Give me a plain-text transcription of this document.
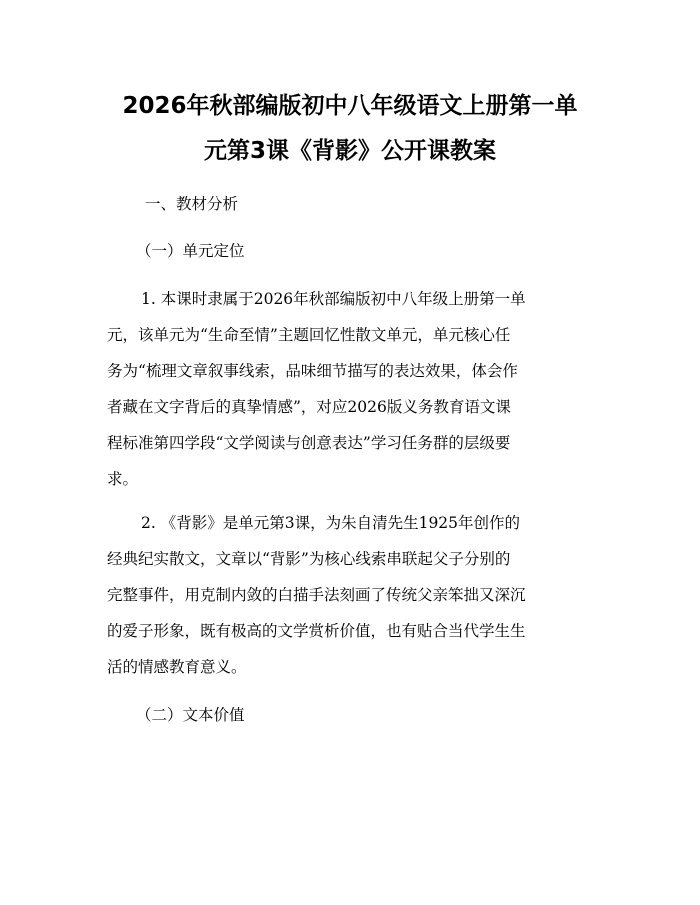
2026年秋部编版初中八年级语文上册第一单
元第3课《背影》公开课教案
一、教材分析
（一）单元定位
1. 本课时隶属于2026年秋部编版初中八年级上册第一单
元，该单元为“生命至情”主题回忆性散文单元，单元核心任
务为“梳理文章叙事线索，品味细节描写的表达效果，体会作
者藏在文字背后的真挚情感”，对应2026版义务教育语文课
程标准第四学段“文学阅读与创意表达”学习任务群的层级要
求。
2. 《背影》是单元第3课，为朱自清先生1925年创作的
经典纪实散文，文章以“背影”为核心线索串联起父子分别的
完整事件，用克制内敛的白描手法刻画了传统父亲笨拙又深沉
的爱子形象，既有极高的文学赏析价值，也有贴合当代学生生
活的情感教育意义。
（二）文本价值
